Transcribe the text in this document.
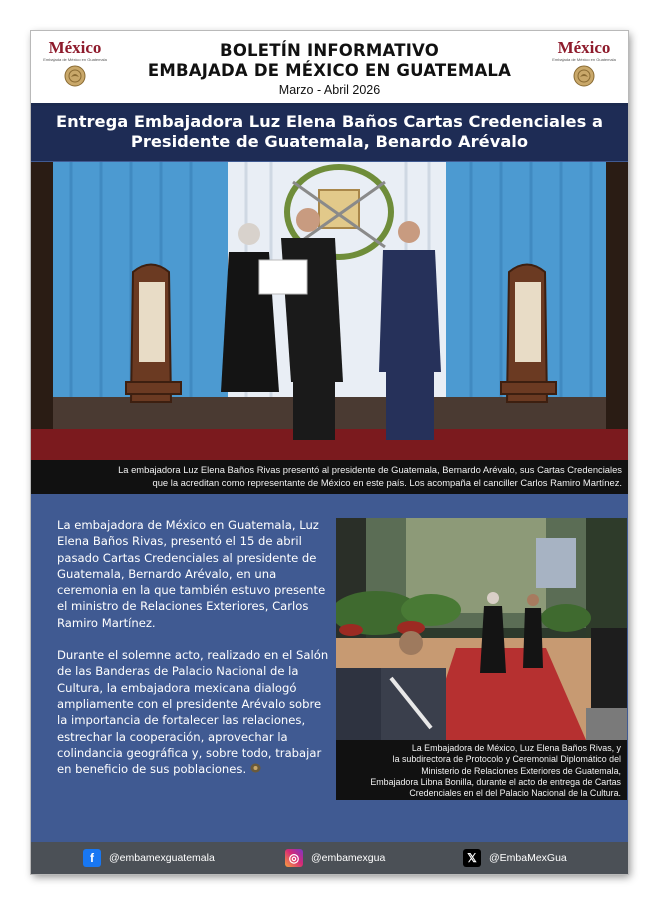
México
Embajada de México en Guatemala	BOLETÍN INFORMATIVO
EMBAJADA DE MÉXICO EN GUATEMALA
Marzo - Abril 2026
México
Embajada de México en Guatemala
Entrega Embajadora Luz Elena Baños Cartas Credenciales a
Presidente de Guatemala, Benardo Arévalo
La embajadora Luz Elena Baños Rivas presentó al presidente de Guatemala, Bernardo Arévalo, sus Cartas Credenciales
que la acreditan como representante de México en este país. Los acompaña el canciller Carlos Ramiro Martínez.

La embajadora de México en Guatemala, Luz Elena Baños Rivas, presentó el 15 de abril pasado Cartas Credenciales al presidente de Guatemala, Bernardo Arévalo, en una ceremonia en la que también estuvo presente el ministro de Relaciones Exteriores, Carlos Ramiro Martínez.

Durante el solemne acto, realizado en el Salón de las Banderas de Palacio Nacional de la Cultura, la embajadora mexicana dialogó ampliamente con el presidente Arévalo sobre la importancia de fortalecer las relaciones, estrechar la cooperación, aprovechar la colindancia geográfica y, sobre todo, trabajar en beneficio de sus poblaciones.

La Embajadora de México, Luz Elena Baños Rivas, y
la subdirectora de Protocolo y Ceremonial Diplomático del
Ministerio de Relaciones Exteriores de Guatemala,
Embajadora Libna Bonilla, durante el acto de entrega de Cartas
Credenciales en el del Palacio Nacional de la Cultura.
f	@embamexguatemala	◎	@embamexgua	𝕏	@EmbaMexGua
